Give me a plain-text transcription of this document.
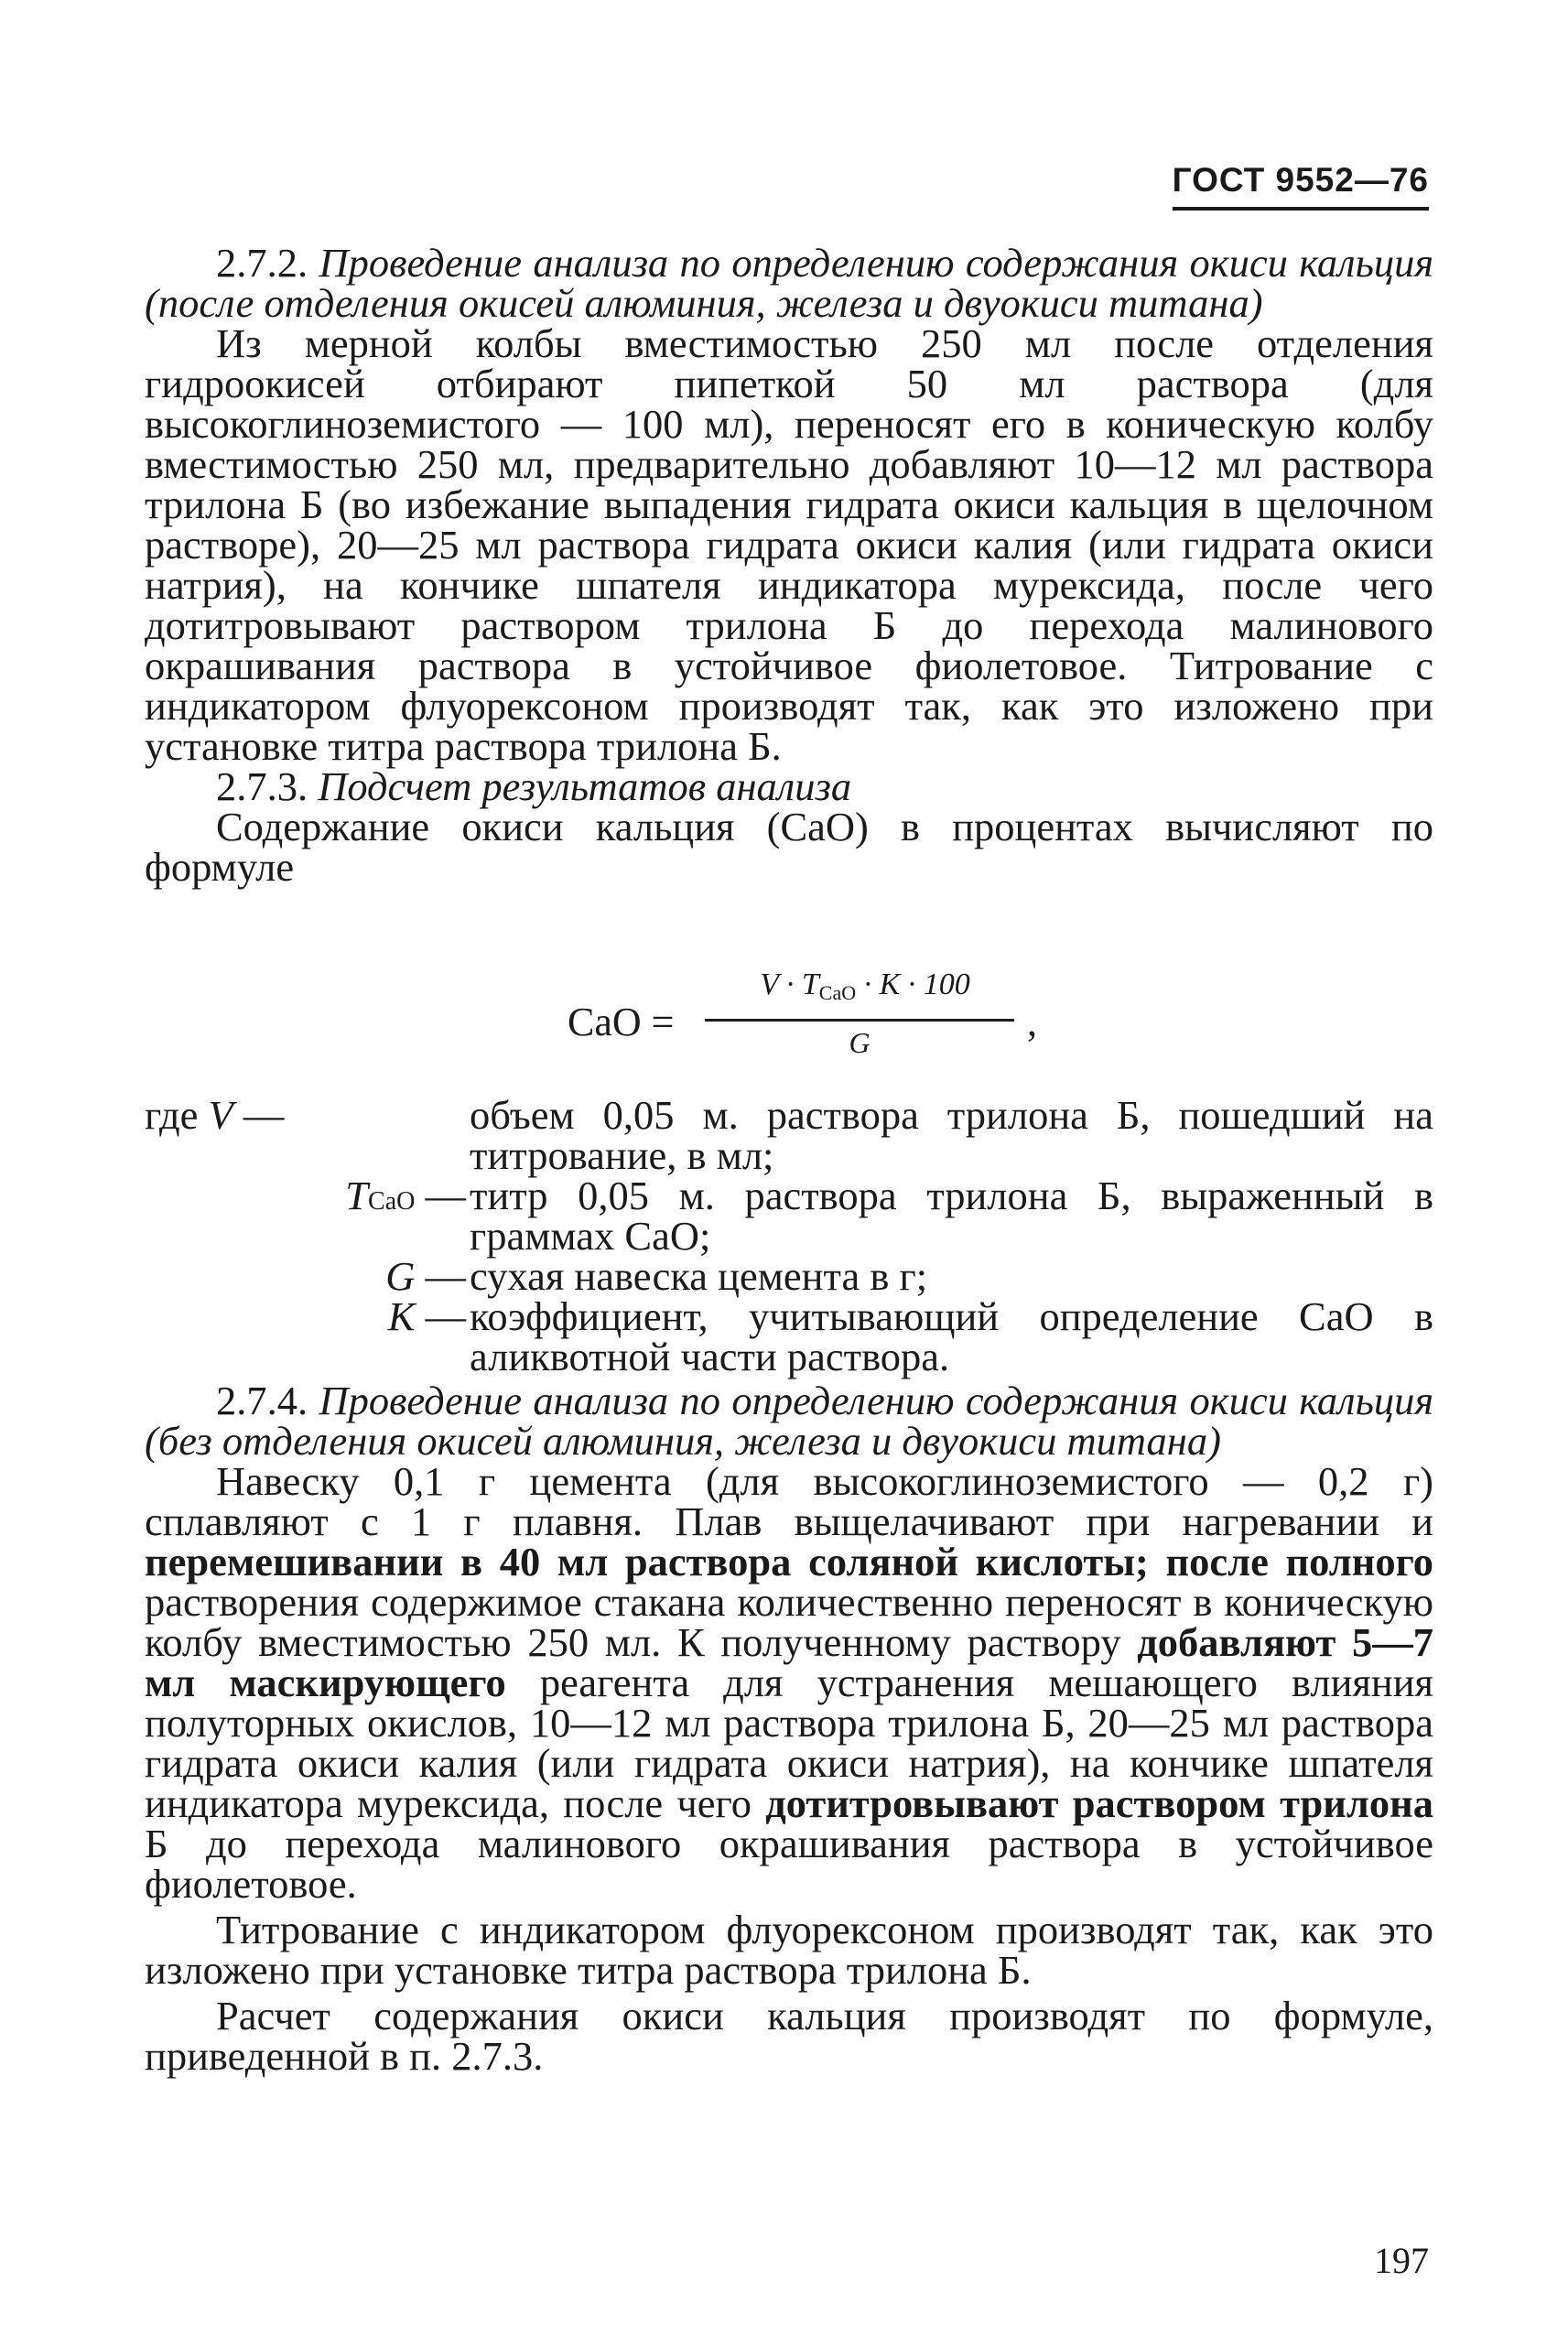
ГОСТ 9552—76

2.7.2. Проведение анализа по определению содержания окиси кальция (после отделения окисей алюминия, железа и двуокиси титана)

Из мерной колбы вместимостью 250 мл после отделения гидроокисей отбирают пипеткой 50 мл раствора (для высокоглиноземистого — 100 мл), переносят его в коническую колбу вместимостью 250 мл, предварительно добавляют 10—12 мл раствора трилона Б (во избежание выпадения гидрата окиси кальция в щелочном растворе), 20—25 мл раствора гидрата окиси калия (или гидрата окиси натрия), на кончике шпателя индикатора мурексида, после чего дотитровывают раствором трилона Б до перехода малинового окрашивания раствора в устойчивое фиолетовое. Титрование с индикатором флуорексоном производят так, как это изложено при установке титра раствора трилона Б.

2.7.3. Подсчет результатов анализа

Содержание окиси кальция (CaO) в процентах вычисляют по формуле

CaO =
$V \cdot T_{CaO} \cdot K \cdot 100$
G	,
где V —	объем 0,05 м. раствора трилона Б, пошедший на титрование, в мл;
TCaO — титр 0,05 м. раствора трилона Б, выраженный в граммах CaO;
G — сухая навеска цемента в г;
K — коэффициент, учитывающий определение CaO в аликвотной части раствора.

2.7.4. Проведение анализа по определению содержания окиси кальция (без отделения окисей алюминия, железа и двуокиси титана)

Навеску 0,1 г цемента (для высокоглиноземистого — 0,2 г) сплавляют с 1 г плавня. Плав выщелачивают при нагревании и перемешивании в 40 мл раствора соляной кислоты; после полного растворения содержимое стакана количественно переносят в коническую колбу вместимостью 250 мл. К полученному раствору добавляют 5—7 мл маскирующего реагента для устранения мешающего влияния полуторных окислов, 10—12 мл раствора трилона Б, 20—25 мл раствора гидрата окиси калия (или гидрата окиси натрия), на кончике шпателя индикатора мурексида, после чего дотитровывают раствором трилона Б до перехода малинового окрашивания раствора в устойчивое фиолетовое.

Титрование с индикатором флуорексоном производят так, как это изложено при установке титра раствора трилона Б.

Расчет содержания окиси кальция производят по формуле, приведенной в п. 2.7.3.

197
